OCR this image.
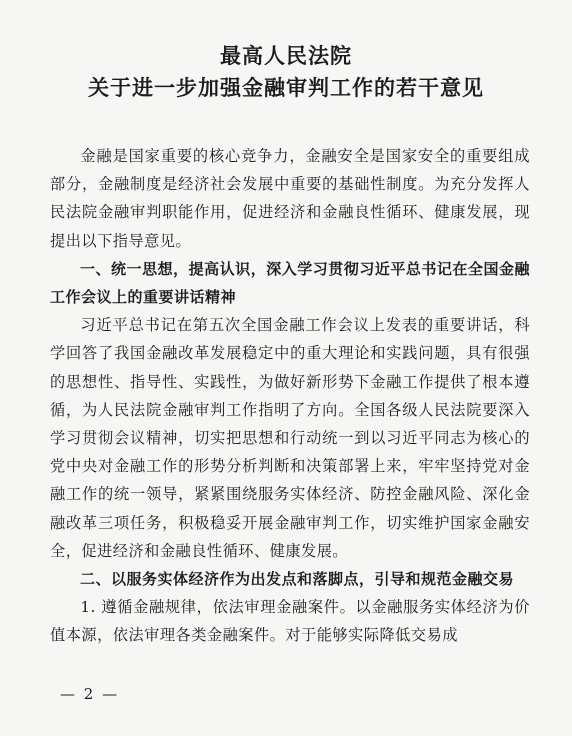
最高人民法院
关于进一步加强金融审判工作的若干意见

金融是国家重要的核心竞争力，金融安全是国家安全的重要组成部分，金融制度是经济社会发展中重要的基础性制度。为充分发挥人民法院金融审判职能作用，促进经济和金融良性循环、健康发展，现提出以下指导意见。

一、统一思想，提高认识，深入学习贯彻习近平总书记在全国金融工作会议上的重要讲话精神

习近平总书记在第五次全国金融工作会议上发表的重要讲话，科学回答了我国金融改革发展稳定中的重大理论和实践问题，具有很强的思想性、指导性、实践性，为做好新形势下金融工作提供了根本遵循，为人民法院金融审判工作指明了方向。全国各级人民法院要深入学习贯彻会议精神，切实把思想和行动统一到以习近平同志为核心的党中央对金融工作的形势分析判断和决策部署上来，牢牢坚持党对金融工作的统一领导，紧紧围绕服务实体经济、防控金融风险、深化金融改革三项任务，积极稳妥开展金融审判工作，切实维护国家金融安全，促进经济和金融良性循环、健康发展。

二、以服务实体经济作为出发点和落脚点，引导和规范金融交易

1. 遵循金融规律，依法审理金融案件。以金融服务实体经济为价值本源，依法审理各类金融案件。对于能够实际降低交易成

— 2 —
